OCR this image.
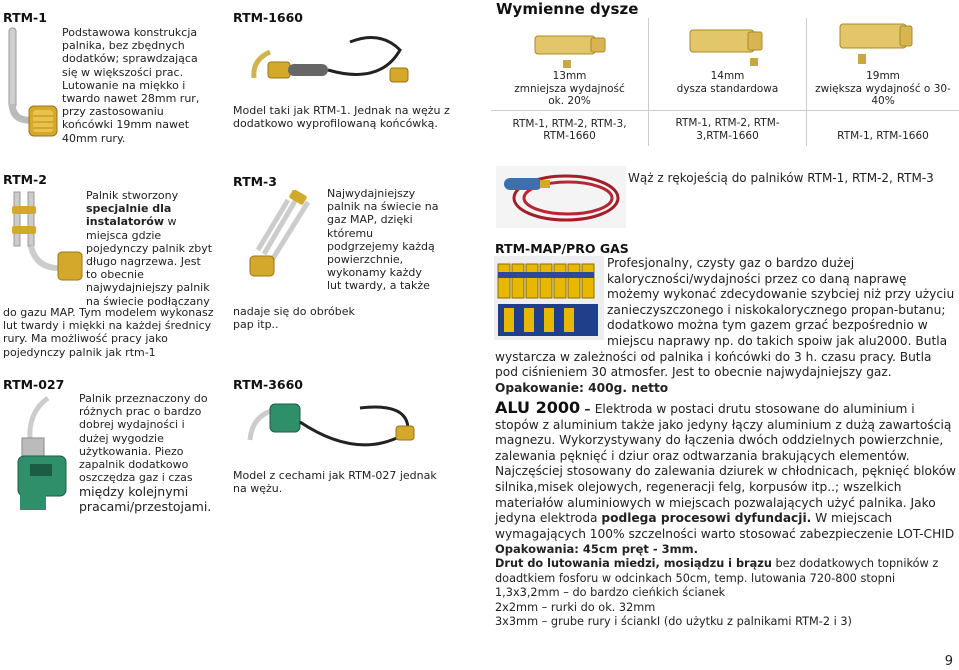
RTM-1
Podstawowa konstrukcja palnika, bez zbędnych dodatków; sprawdzająca się w większości prac. Lutowanie na miękko i twardo nawet 28mm rur, przy zastosowaniu końcówki 19mm nawet 40mm rury.
RTM-1660
Model taki jak RTM-1. Jednak na wężu z dodatkowo wyprofilowaną końcówką.
Wymienne dysze
13mm
zmniejsza wydajność ok. 20%
RTM-1, RTM-2, RTM-3, RTM-1660
14mm
dysza standardowa
RTM-1, RTM-2, RTM-3,RTM-1660
19mm
zwiększa wydajność o 30-40%
RTM-1, RTM-1660
RTM-2
Palnik stworzony
specjalnie dla instalatorów w miejsca gdzie pojedynczy palnik zbyt długo nagrzewa. Jest to obecnie najwydajniejszy palnik na świecie podłączany
do gazu MAP. Tym modelem wykonasz lut twardy i miękki na każdej średnicy rury. Ma możliwość pracy jako pojedynczy palnik jak rtm-1
RTM-3
Najwydajniejszy palnik na świecie na gaz MAP, dzięki któremu podgrzejemy każdą powierzchnie, wykonamy każdy lut twardy, a także
nadaje się do obróbek pap itp..
Wąż z rękojeścią do palników RTM-1, RTM-2, RTM-3
RTM-MAP/PRO GAS
Profesjonalny, czysty gaz o bardzo dużej kaloryczności/wydajności przez co daną naprawę możemy wykonać zdecydowanie szybciej niż przy użyciu zanieczyszczonego i niskokalorycznego propan-butanu; dodatkowo można tym gazem grzać bezpośrednio w miejscu naprawy np. do takich spoiw jak alu2000. Butla wystarcza w zależności od palnika i końcówki do 3 h. czasu pracy. Butla pod ciśnieniem 30 atmosfer. Jest to obecnie najwydajniejszy gaz.
Opakowanie: 400g. netto
RTM-027
Palnik przeznaczony do różnych prac o bardzo dobrej wydajności i dużej wygodzie użytkowania. Piezo zapalnik dodatkowo oszczędza gaz i czas
między kolejnymi pracami/przestojami.
RTM-3660
Model z cechami jak RTM-027 jednak na wężu.
ALU 2000 – Elektroda w postaci drutu stosowane do aluminium i stopów z aluminium także jako jedyny łączy aluminium z dużą zawartością magnezu. Wykorzystywany do łączenia dwóch oddzielnych powierzchnie, zalewania pęknięć i dziur oraz odtwarzania brakujących elementów. Najczęściej stosowany do zalewania dziurek w chłodnicach, pęknięć bloków silnika,misek olejowych, regeneracji felg, korpusów itp..; wszelkich materiałów aluminiowych w miejscach pozwalających użyć palnika. Jako jedyna elektroda podlega procesowi dyfundacji. W miejscach wymagających 100% szczelności warto stosować zabezpieczenie LOT-CHID
Opakowania: 45cm pręt - 3mm.
Drut do lutowania miedzi, mosiądzu i brązu bez dodatkowych topników z doadtkiem fosforu w odcinkach 50cm, temp. lutowania 720-800 stopni
1,3x3,2mm – do bardzo cieńkich ścianek
2x2mm – rurki do ok. 32mm
3x3mm – grube rury i ściankI (do użytku z palnikami RTM-2 i 3)
9
